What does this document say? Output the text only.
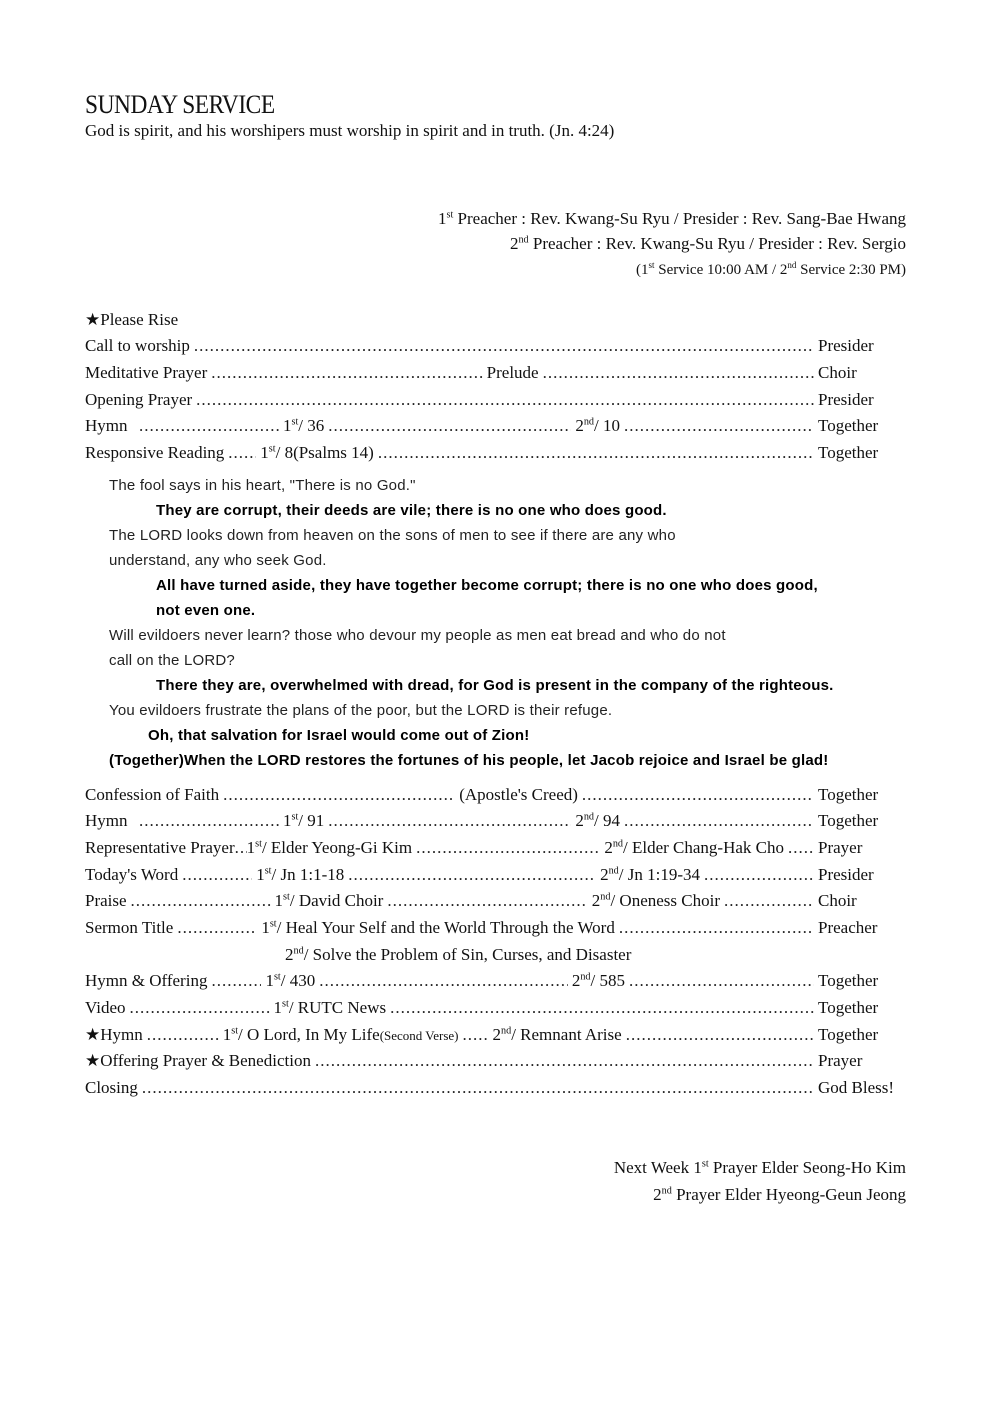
SUNDAY SERVICE
God is spirit, and his worshipers must worship in spirit and in truth. (Jn. 4:24)
1st Preacher : Rev. Kwang-Su Ryu / Presider : Rev. Sang-Bae Hwang
2nd Preacher : Rev. Kwang-Su Ryu / Presider : Rev. Sergio
(1st Service 10:00 AM / 2nd Service 2:30 PM)
★Please Rise
Call to worship .....	Presider
Meditative Prayer .....	Prelude .....	Choir
Opening Prayer .....	Presider
Hymn .....	1st/ 36 .....	2nd/ 10 .....	Together
Responsive Reading ..... 1st/ 8(Psalms 14) .....	Together
The fool says in his heart, "There is no God."
They are corrupt, their deeds are vile; there is no one who does good.
The LORD looks down from heaven on the sons of men to see if there are any who
understand, any who seek God.
All have turned aside, they have together become corrupt; there is no one who does good,
not even one.
Will evildoers never learn? those who devour my people as men eat bread and who do not
call on the LORD?
There they are, overwhelmed with dread, for God is present in the company of the righteous.
You evildoers frustrate the plans of the poor, but the LORD is their refuge.
Oh, that salvation for Israel would come out of Zion!
(Together)When the LORD restores the fortunes of his people, let Jacob rejoice and Israel be glad!
Confession of Faith .....	(Apostle's Creed) .....	Together
Hymn .....	1st/ 91 .....	2nd/ 94 .....	Together
Representative Prayer ..... 1st/ Elder Yeong-Gi Kim .....	2nd/ Elder Chang-Hak Cho ..... Prayer
Today's Word .....	1st/ Jn 1:1-18 .....	2nd/ Jn 1:19-34 .....	Presider
Praise .....	1st/ David Choir .....	2nd/ Oneness Choir .....	Choir
Sermon Title .....	1st/ Heal Your Self and the World Through the Word .....	Preacher
2nd/ Solve the Problem of Sin, Curses, and Disaster
Hymn & Offering .....	1st/ 430 .....	2nd/ 585 .....	Together
Video .....	1st/ RUTC News .....	Together
★Hymn .....	1st/ O Lord, In My Life(Second Verse) ..... 2nd/ Remnant Arise .....	Together
★Offering Prayer & Benediction .....	Prayer
Closing .....	God Bless!
Next Week 1st Prayer Elder Seong-Ho Kim
2nd Prayer Elder Hyeong-Geun Jeong
